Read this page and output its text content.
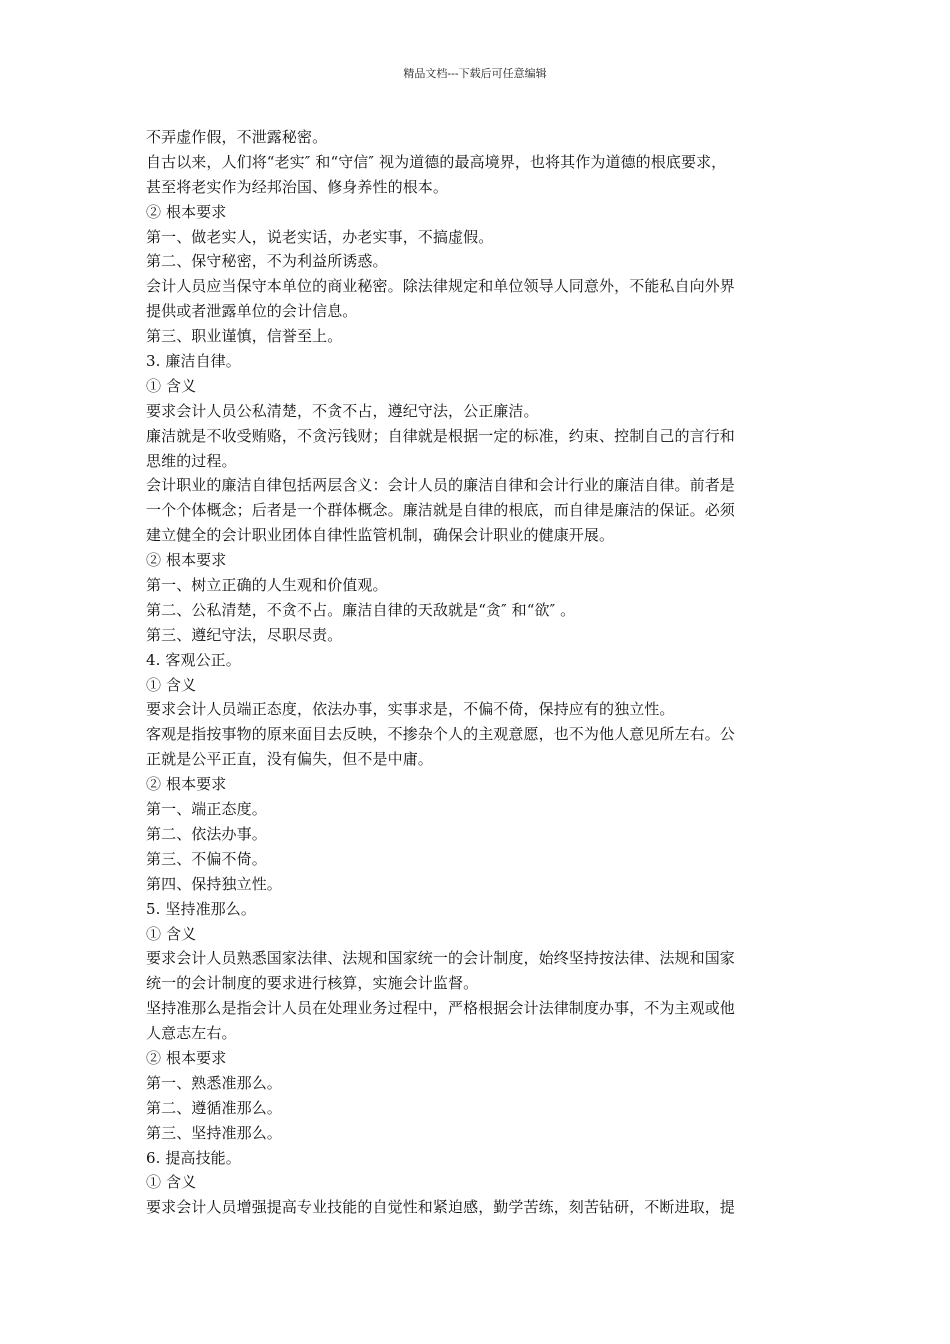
精品文档---下载后可任意编辑
不弄虚作假，不泄露秘密。
自古以来，人们将“老实″ 和“守信″ 视为道德的最高境界，也将其作为道德的根底要求，
甚至将老实作为经邦治国、修身养性的根本。
② 根本要求
第一、做老实人，说老实话，办老实事，不搞虚假。
第二、保守秘密，不为利益所诱惑。
会计人员应当保守本单位的商业秘密。除法律规定和单位领导人同意外，不能私自向外界
提供或者泄露单位的会计信息。
第三、职业谨慎，信誉至上。
3. 廉洁自律。
① 含义
要求会计人员公私清楚，不贪不占，遵纪守法，公正廉洁。
廉洁就是不收受贿赂，不贪污钱财；自律就是根据一定的标准，约束、控制自己的言行和
思维的过程。
会计职业的廉洁自律包括两层含义：会计人员的廉洁自律和会计行业的廉洁自律。前者是
一个个体概念；后者是一个群体概念。廉洁就是自律的根底，而自律是廉洁的保证。必须
建立健全的会计职业团体自律性监管机制，确保会计职业的健康开展。
② 根本要求
第一、树立正确的人生观和价值观。
第二、公私清楚，不贪不占。廉洁自律的天敌就是“贪″ 和“欲″ 。
第三、遵纪守法，尽职尽责。
4. 客观公正。
① 含义
要求会计人员端正态度，依法办事，实事求是，不偏不倚，保持应有的独立性。
客观是指按事物的原来面目去反映，不掺杂个人的主观意愿，也不为他人意见所左右。公
正就是公平正直，没有偏失，但不是中庸。
② 根本要求
第一、端正态度。
第二、依法办事。
第三、不偏不倚。
第四、保持独立性。
5. 坚持准那么。
① 含义
要求会计人员熟悉国家法律、法规和国家统一的会计制度，始终坚持按法律、法规和国家
统一的会计制度的要求进行核算，实施会计监督。
坚持准那么是指会计人员在处理业务过程中，严格根据会计法律制度办事，不为主观或他
人意志左右。
② 根本要求
第一、熟悉准那么。
第二、遵循准那么。
第三、坚持准那么。
6. 提高技能。
① 含义
要求会计人员增强提高专业技能的自觉性和紧迫感，勤学苦练，刻苦钻研，不断进取，提
